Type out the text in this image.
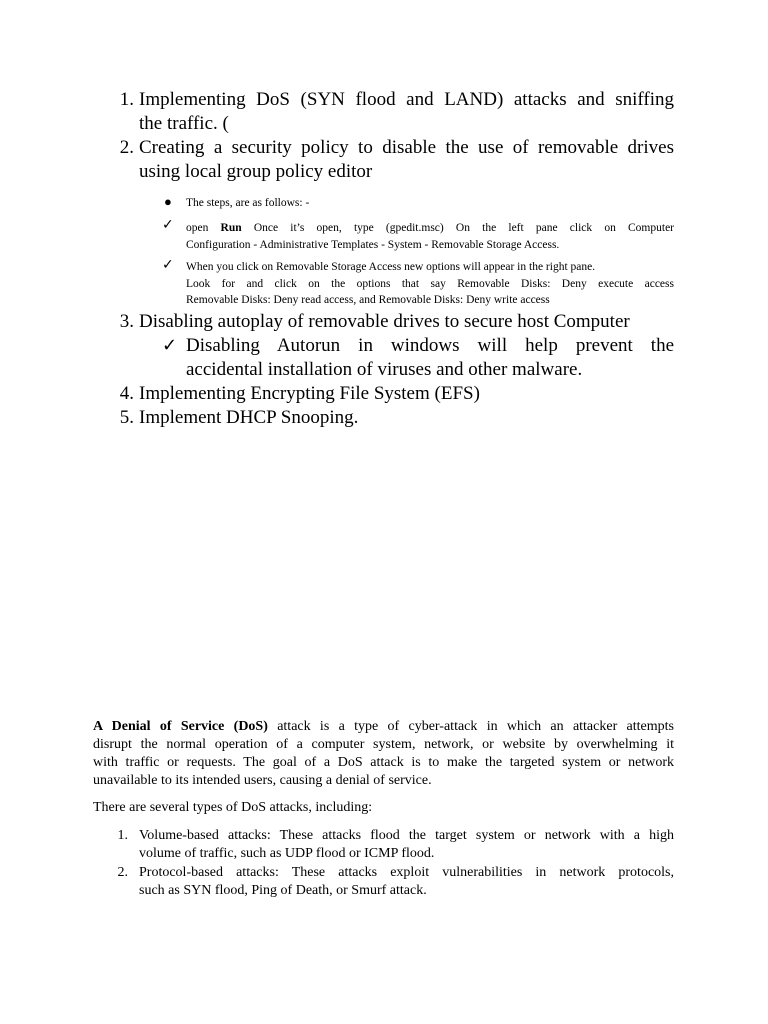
1. Implementing DoS (SYN flood and LAND) attacks and sniffing
the traffic. (
2. Creating a security policy to disable the use of removable drives
using local group policy editor
● The steps, are as follows: -
✓ open Run Once it’s open, type (gpedit.msc) On the left pane click on Computer
Configuration - Administrative Templates - System - Removable Storage Access.
✓ When you click on Removable Storage Access new options will appear in the right pane.
Look for and click on the options that say Removable Disks: Deny execute access
Removable Disks: Deny read access, and Removable Disks: Deny write access
3. Disabling autoplay of removable drives to secure host Computer
✓ Disabling Autorun in windows will help prevent the
accidental installation of viruses and other malware.
4. Implementing Encrypting File System (EFS)
5. Implement DHCP Snooping.
A Denial of Service (DoS) attack is a type of cyber-attack in which an attacker attempts
disrupt the normal operation of a computer system, network, or website by overwhelming it
with traffic or requests. The goal of a DoS attack is to make the targeted system or network
unavailable to its intended users, causing a denial of service.
There are several types of DoS attacks, including:
1. Volume-based attacks: These attacks flood the target system or network with a high
volume of traffic, such as UDP flood or ICMP flood.
2. Protocol-based attacks: These attacks exploit vulnerabilities in network protocols,
such as SYN flood, Ping of Death, or Smurf attack.
